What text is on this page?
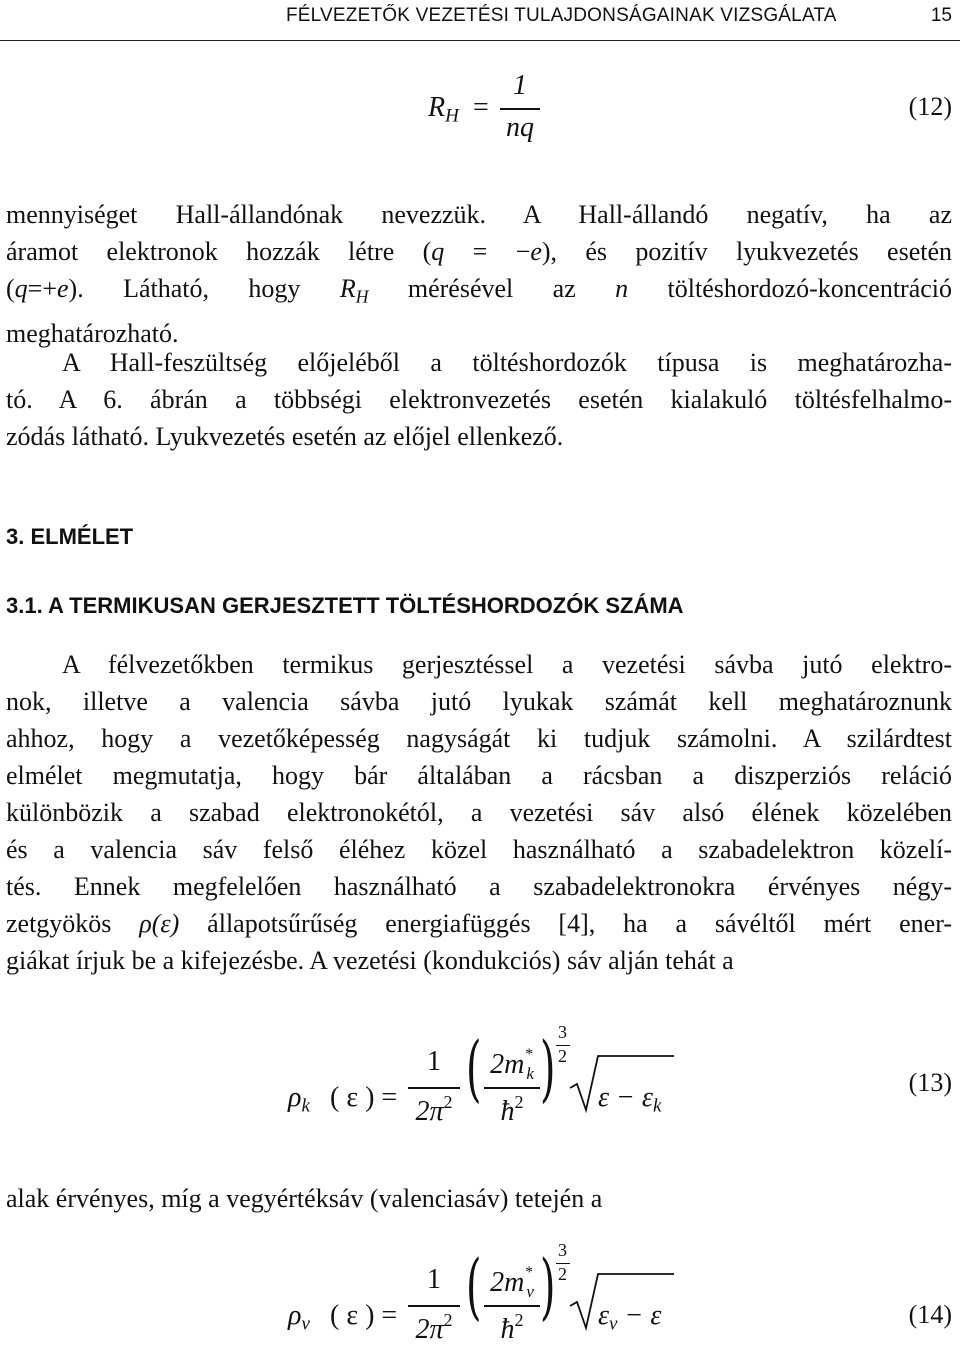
FÉLVEZETŐK VEZETÉSI TULAJDONSÁGAINAK VIZSGÁLATA	15
$R_H$ =
1
nq
(12)
mennyiséget Hall-állandónak nevezzük. A Hall-állandó negatív, ha az
áramot elektronok hozzák létre (q = −e), és pozitív lyukvezetés esetén
(q=+e). Látható, hogy $R_H$ mérésével az n töltéshordozó-koncentráció
meghatározható.
A Hall-feszültség előjeléből a töltéshordozók típusa is meghatározha-
tó. A 6. ábrán a többségi elektronvezetés esetén kialakuló töltésfelhalmo-
zódás látható. Lyukvezetés esetén az előjel ellenkező.
3. ELMÉLET
3.1. A TERMIKUSAN GERJESZTETT TÖLTÉSHORDOZÓK SZÁMA
A félvezetőkben termikus gerjesztéssel a vezetési sávba jutó elektro-
nok, illetve a valencia sávba jutó lyukak számát kell meghatároznunk
ahhoz, hogy a vezetőképesség nagyságát ki tudjuk számolni. A szilárdtest
elmélet megmutatja, hogy bár általában a rácsban a diszperziós reláció
különbözik a szabad elektronokétól, a vezetési sáv alsó élének közelében
és a valencia sáv felső éléhez közel használható a szabadelektron közelí-
tés. Ennek megfelelően használható a szabadelektronokra érvényes négy-
zetgyökös ρ(ε) állapotsűrűség energiafüggés [4], ha a sávéltől mért ener-
giákat írjuk be a kifejezésbe. A vezetési (kondukciós) sáv alján tehát a
$\rho_k$ ( ε ) =
1
$2\pi^2$ ( $2m^*_k$
$ħ^2$ ) 3
2
$\varepsilon - \varepsilon_k$
(13)
alak érvényes, míg a vegyértéksáv (valenciasáv) tetején a
$\rho_v$ ( ε ) =
1
$2\pi^2$ ( $2m^*_v$
$ħ^2$ ) 3
2
$\varepsilon_v - \varepsilon$	(14)
